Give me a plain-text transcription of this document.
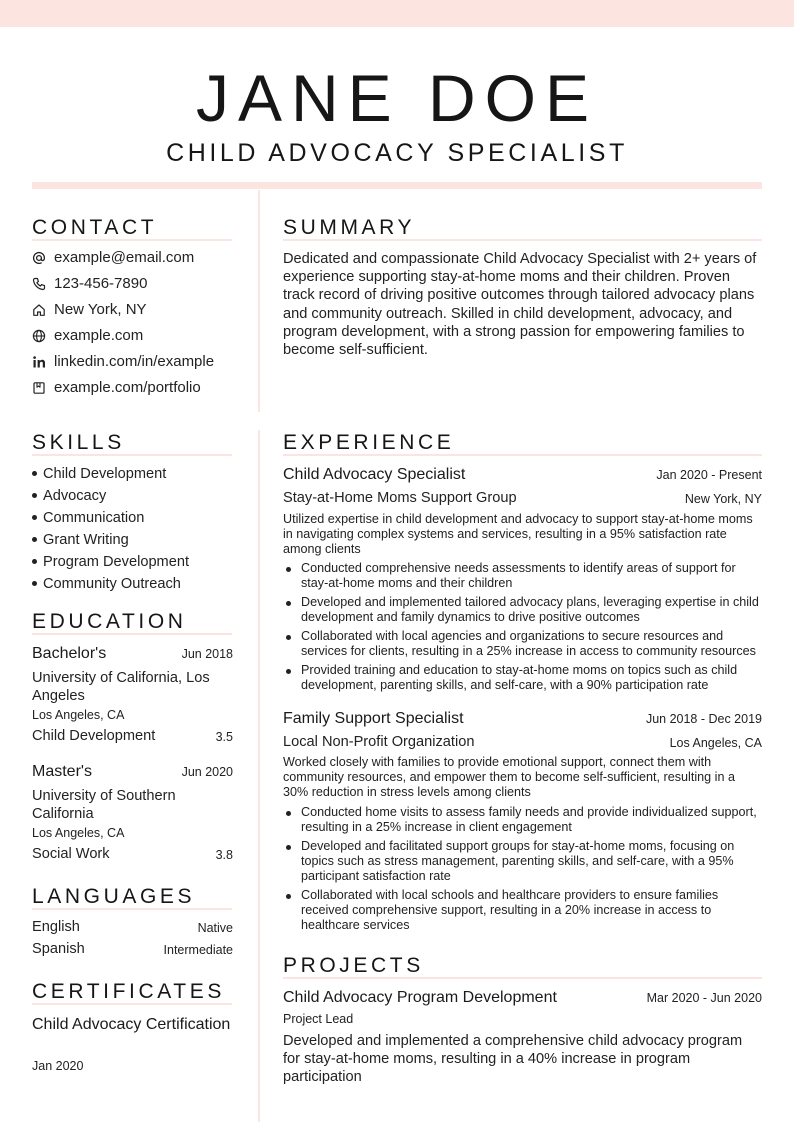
JANE DOE
CHILD ADVOCACY SPECIALIST
CONTACT
example@email.com
123-456-7890
New York, NY
example.com
linkedin.com/in/example
example.com/portfolio
SUMMARY
Dedicated and compassionate Child Advocacy Specialist with 2+ years of experience supporting stay-at-home moms and their children. Proven track record of driving positive outcomes through tailored advocacy plans and community outreach. Skilled in child development, advocacy, and program development, with a strong passion for empowering families to become self-sufficient.
SKILLS
Child Development
Advocacy
Communication
Grant Writing
Program Development
Community Outreach
EDUCATION
Bachelor's	Jun 2018
University of California, Los Angeles
Los Angeles, CA
Child Development	3.5
Master's	Jun 2020
University of Southern California
Los Angeles, CA
Social Work	3.8
LANGUAGES
English	Native
Spanish	Intermediate
CERTIFICATES
Child Advocacy Certification
Jan 2020
EXPERIENCE
Child Advocacy Specialist	Jan 2020 - Present
Stay-at-Home Moms Support Group	New York, NY
Utilized expertise in child development and advocacy to support stay-at-home moms in navigating complex systems and services, resulting in a 95% satisfaction rate among clients
Conducted comprehensive needs assessments to identify areas of support for stay-at-home moms and their children
Developed and implemented tailored advocacy plans, leveraging expertise in child development and family dynamics to drive positive outcomes
Collaborated with local agencies and organizations to secure resources and services for clients, resulting in a 25% increase in access to community resources
Provided training and education to stay-at-home moms on topics such as child development, parenting skills, and self-care, with a 90% participation rate
Family Support Specialist	Jun 2018 - Dec 2019
Local Non-Profit Organization	Los Angeles, CA
Worked closely with families to provide emotional support, connect them with community resources, and empower them to become self-sufficient, resulting in a 30% reduction in stress levels among clients
Conducted home visits to assess family needs and provide individualized support, resulting in a 25% increase in client engagement
Developed and facilitated support groups for stay-at-home moms, focusing on topics such as stress management, parenting skills, and self-care, with a 95% participant satisfaction rate
Collaborated with local schools and healthcare providers to ensure families received comprehensive support, resulting in a 20% increase in access to healthcare services
PROJECTS
Child Advocacy Program Development	Mar 2020 - Jun 2020
Project Lead
Developed and implemented a comprehensive child advocacy program for stay-at-home moms, resulting in a 40% increase in program participation
